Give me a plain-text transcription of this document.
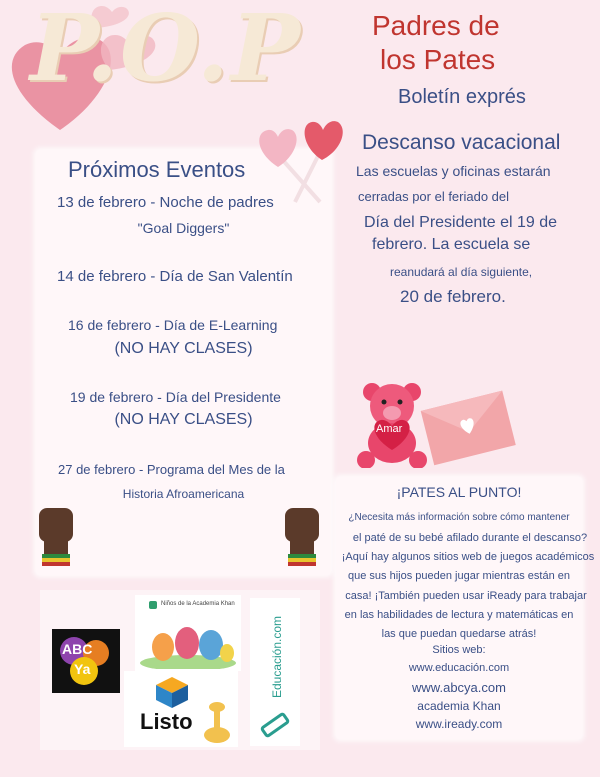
P.O.P	Padres de
los Pates
Boletín exprés
Próximos Eventos
13 de febrero - Noche de padres
"Goal Diggers"
14 de febrero - Día de San Valentín
16 de febrero - Día de E-Learning
(NO HAY CLASES)
19 de febrero - Día del Presidente
(NO HAY CLASES)
27 de febrero - Programa del Mes de la
Historia Afroamericana
Descanso vacacional
Las escuelas y oficinas estarán
cerradas por el feriado del
Día del Presidente el 19 de
febrero. La escuela se
reanudará al día siguiente,
20 de febrero.
Amar
¡PATES AL PUNTO!
¿Necesita más información sobre cómo mantener
el paté de su bebé afilado durante el descanso?
¡Aquí hay algunos sitios web de juegos académicos
que sus hijos pueden jugar mientras están en
casa! ¡También pueden usar iReady para trabajar
en las habilidades de lectura y matemáticas en
las que puedan quedarse atrás!
Sitios web:
www.educación.com
www.abcya.com
academia Khan
www.iready.com
ABC
Ya
Niños de la Academia Khan
Listo
Educación.com
